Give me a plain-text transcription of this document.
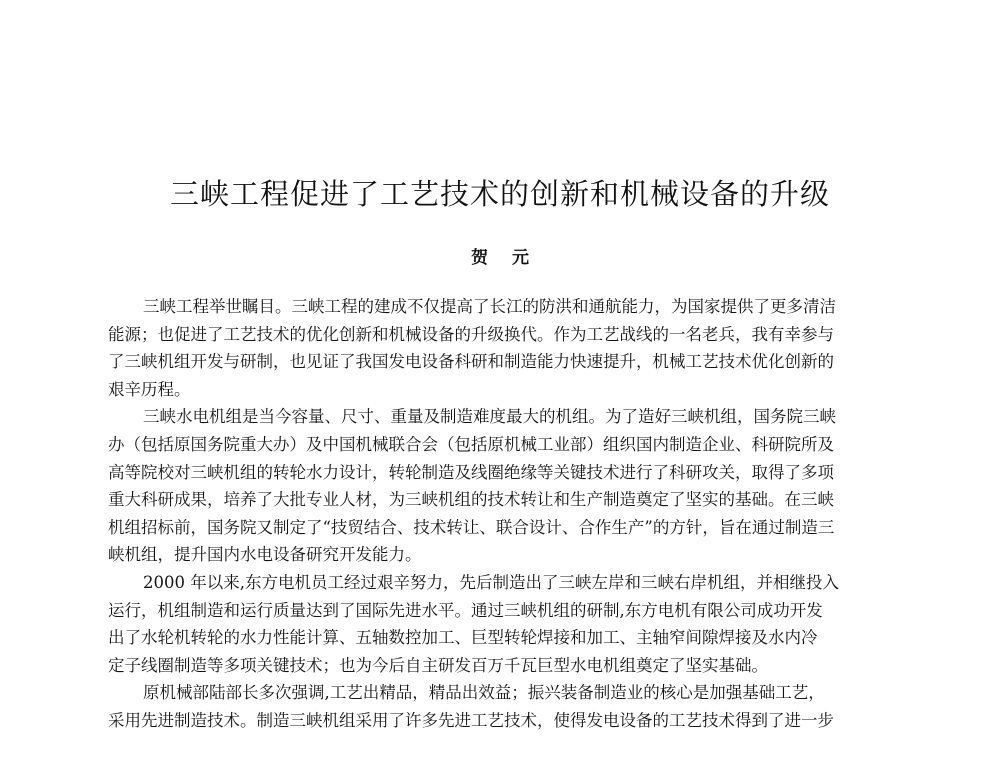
三峡工程促进了工艺技术的创新和机械设备的升级
贺元
三峡工程举世瞩目。三峡工程的建成不仅提高了长江的防洪和通航能力，为国家提供了更多清洁
能源；也促进了工艺技术的优化创新和机械设备的升级换代。作为工艺战线的一名老兵，我有幸参与
了三峡机组开发与研制，也见证了我国发电设备科研和制造能力快速提升，机械工艺技术优化创新的
艰辛历程。
三峡水电机组是当今容量、尺寸、重量及制造难度最大的机组。为了造好三峡机组，国务院三峡
办（包括原国务院重大办）及中国机械联合会（包括原机械工业部）组织国内制造企业、科研院所及
高等院校对三峡机组的转轮水力设计，转轮制造及线圈绝缘等关键技术进行了科研攻关，取得了多项
重大科研成果，培养了大批专业人材，为三峡机组的技术转让和生产制造奠定了坚实的基础。在三峡
机组招标前，国务院又制定了“技贸结合、技术转让、联合设计、合作生产”的方针，旨在通过制造三
峡机组，提升国内水电设备研究开发能力。
2000 年以来,东方电机员工经过艰辛努力，先后制造出了三峡左岸和三峡右岸机组，并相继投入
运行，机组制造和运行质量达到了国际先进水平。通过三峡机组的研制,东方电机有限公司成功开发
出了水轮机转轮的水力性能计算、五轴数控加工、巨型转轮焊接和加工、主轴窄间隙焊接及水内冷
定子线圈制造等多项关键技术；也为今后自主研发百万千瓦巨型水电机组奠定了坚实基础。
原机械部陆部长多次强调,工艺出精品，精品出效益；振兴装备制造业的核心是加强基础工艺，
采用先进制造技术。制造三峡机组采用了许多先进工艺技术，使得发电设备的工艺技术得到了进一步
